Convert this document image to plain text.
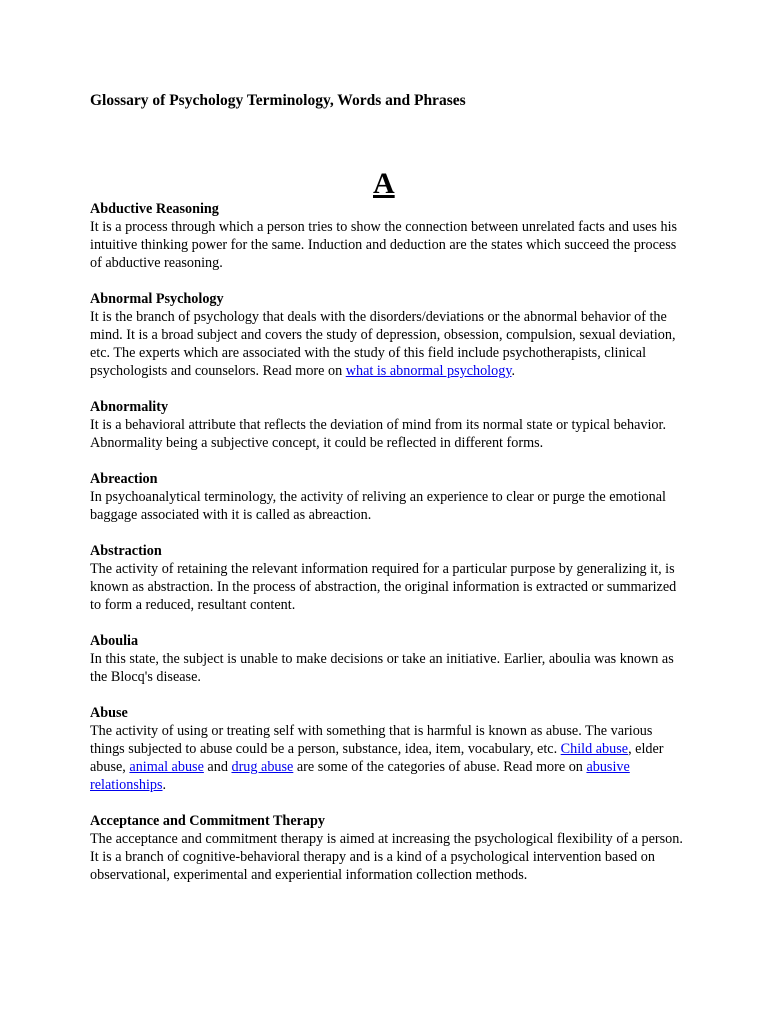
Glossary of Psychology Terminology, Words and Phrases
A
Abductive Reasoning
It is a process through which a person tries to show the connection between unrelated facts and uses his intuitive thinking power for the same. Induction and deduction are the states which succeed the process of abductive reasoning.
Abnormal Psychology
It is the branch of psychology that deals with the disorders/deviations or the abnormal behavior of the mind. It is a broad subject and covers the study of depression, obsession, compulsion, sexual deviation, etc. The experts which are associated with the study of this field include psychotherapists, clinical psychologists and counselors. Read more on what is abnormal psychology.
Abnormality
It is a behavioral attribute that reflects the deviation of mind from its normal state or typical behavior. Abnormality being a subjective concept, it could be reflected in different forms.
Abreaction
In psychoanalytical terminology, the activity of reliving an experience to clear or purge the emotional baggage associated with it is called as abreaction.
Abstraction
The activity of retaining the relevant information required for a particular purpose by generalizing it, is known as abstraction. In the process of abstraction, the original information is extracted or summarized to form a reduced, resultant content.
Aboulia
In this state, the subject is unable to make decisions or take an initiative. Earlier, aboulia was known as the Blocq's disease.
Abuse
The activity of using or treating self with something that is harmful is known as abuse. The various things subjected to abuse could be a person, substance, idea, item, vocabulary, etc. Child abuse, elder abuse, animal abuse and drug abuse are some of the categories of abuse. Read more on abusive relationships.
Acceptance and Commitment Therapy
The acceptance and commitment therapy is aimed at increasing the psychological flexibility of a person. It is a branch of cognitive-behavioral therapy and is a kind of a psychological intervention based on observational, experimental and experiential information collection methods.
